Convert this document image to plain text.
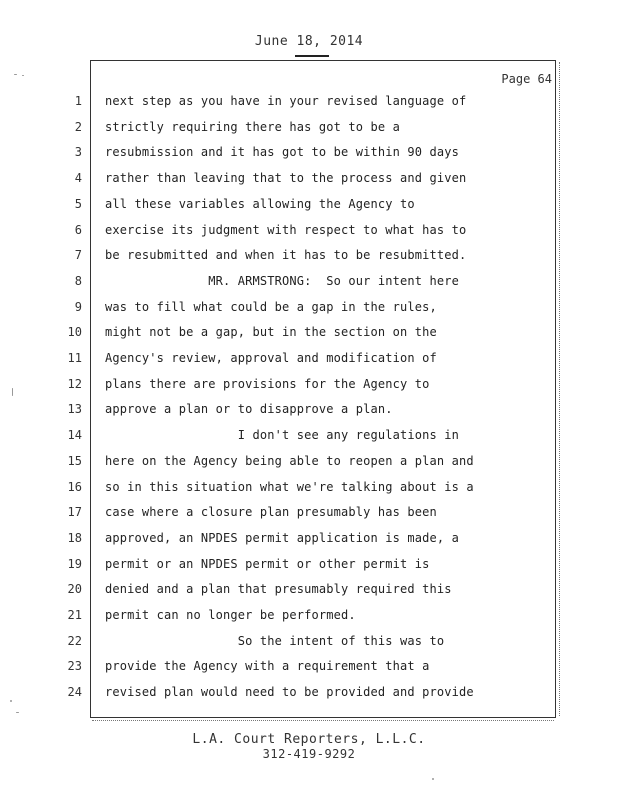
June 18, 2014
Page 64
1 next step as you have in your revised language of
2 strictly requiring there has got to be a
3 resubmission and it has got to be within 90 days
4 rather than leaving that to the process and given
5 all these variables allowing the Agency to
6 exercise its judgment with respect to what has to
7 be resubmitted and when it has to be resubmitted.
8 MR. ARMSTRONG:  So our intent here
9 was to fill what could be a gap in the rules,
10 might not be a gap, but in the section on the
11 Agency's review, approval and modification of
12 plans there are provisions for the Agency to
13 approve a plan or to disapprove a plan.
14 I don't see any regulations in
15 here on the Agency being able to reopen a plan and
16 so in this situation what we're talking about is a
17 case where a closure plan presumably has been
18 approved, an NPDES permit application is made, a
19 permit or an NPDES permit or other permit is
20 denied and a plan that presumably required this
21 permit can no longer be performed.
22 So the intent of this was to
23 provide the Agency with a requirement that a
24 revised plan would need to be provided and provide
L.A. Court Reporters, L.L.C.
312-419-9292
